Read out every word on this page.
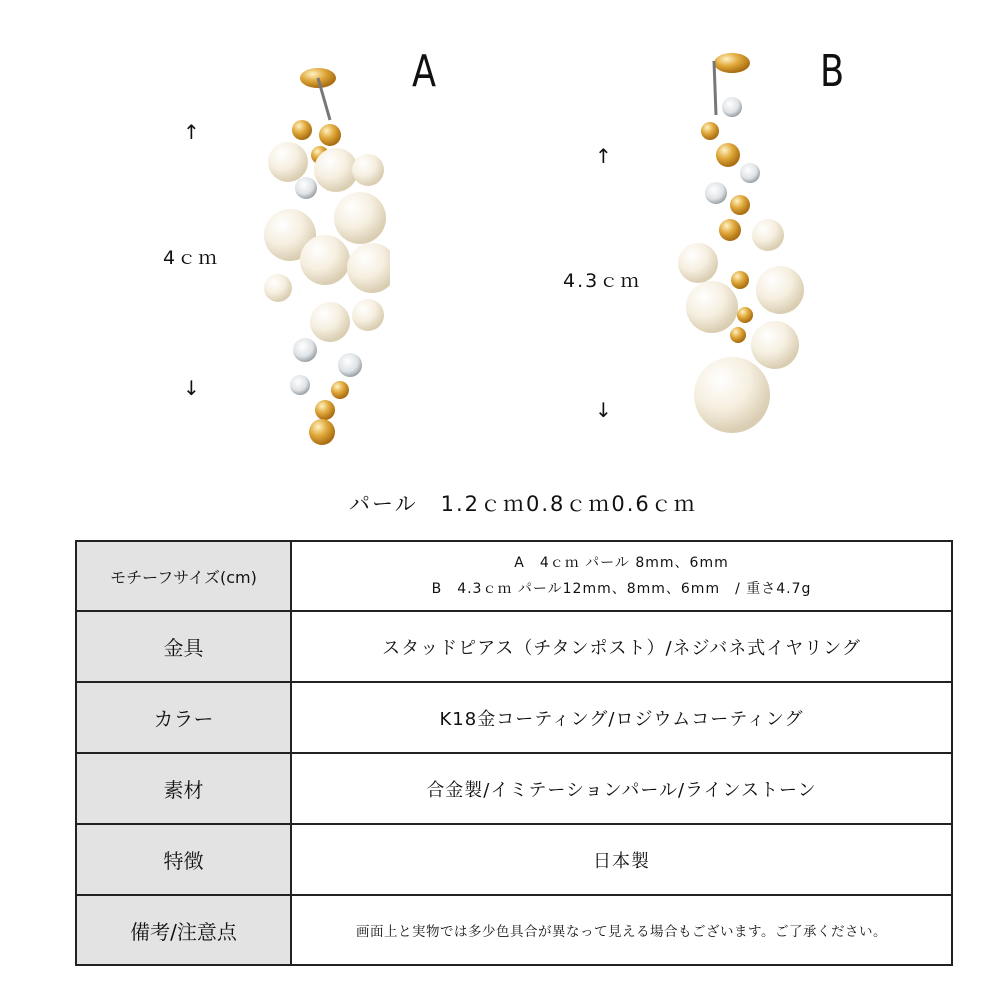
A	B
↑
4ｃｍ
↓
↑
4.3ｃｍ
↓
パール　1.2ｃｍ0.8ｃｍ0.6ｃｍ
モチーフサイズ(cm)	A　4ｃｍ パール 8mm、6mm
B　4.3ｃｍ パール12mm、8mm、6mm　/ 重さ4.7g

金具	スタッドピアス（チタンポスト）/ネジバネ式イヤリング
カラー	K18金コーティング/ロジウムコーティング
素材	合金製/イミテーションパール/ラインストーン
特徴	日本製
備考/注意点	画面上と実物では多少色具合が異なって見える場合もございます。ご了承ください。
